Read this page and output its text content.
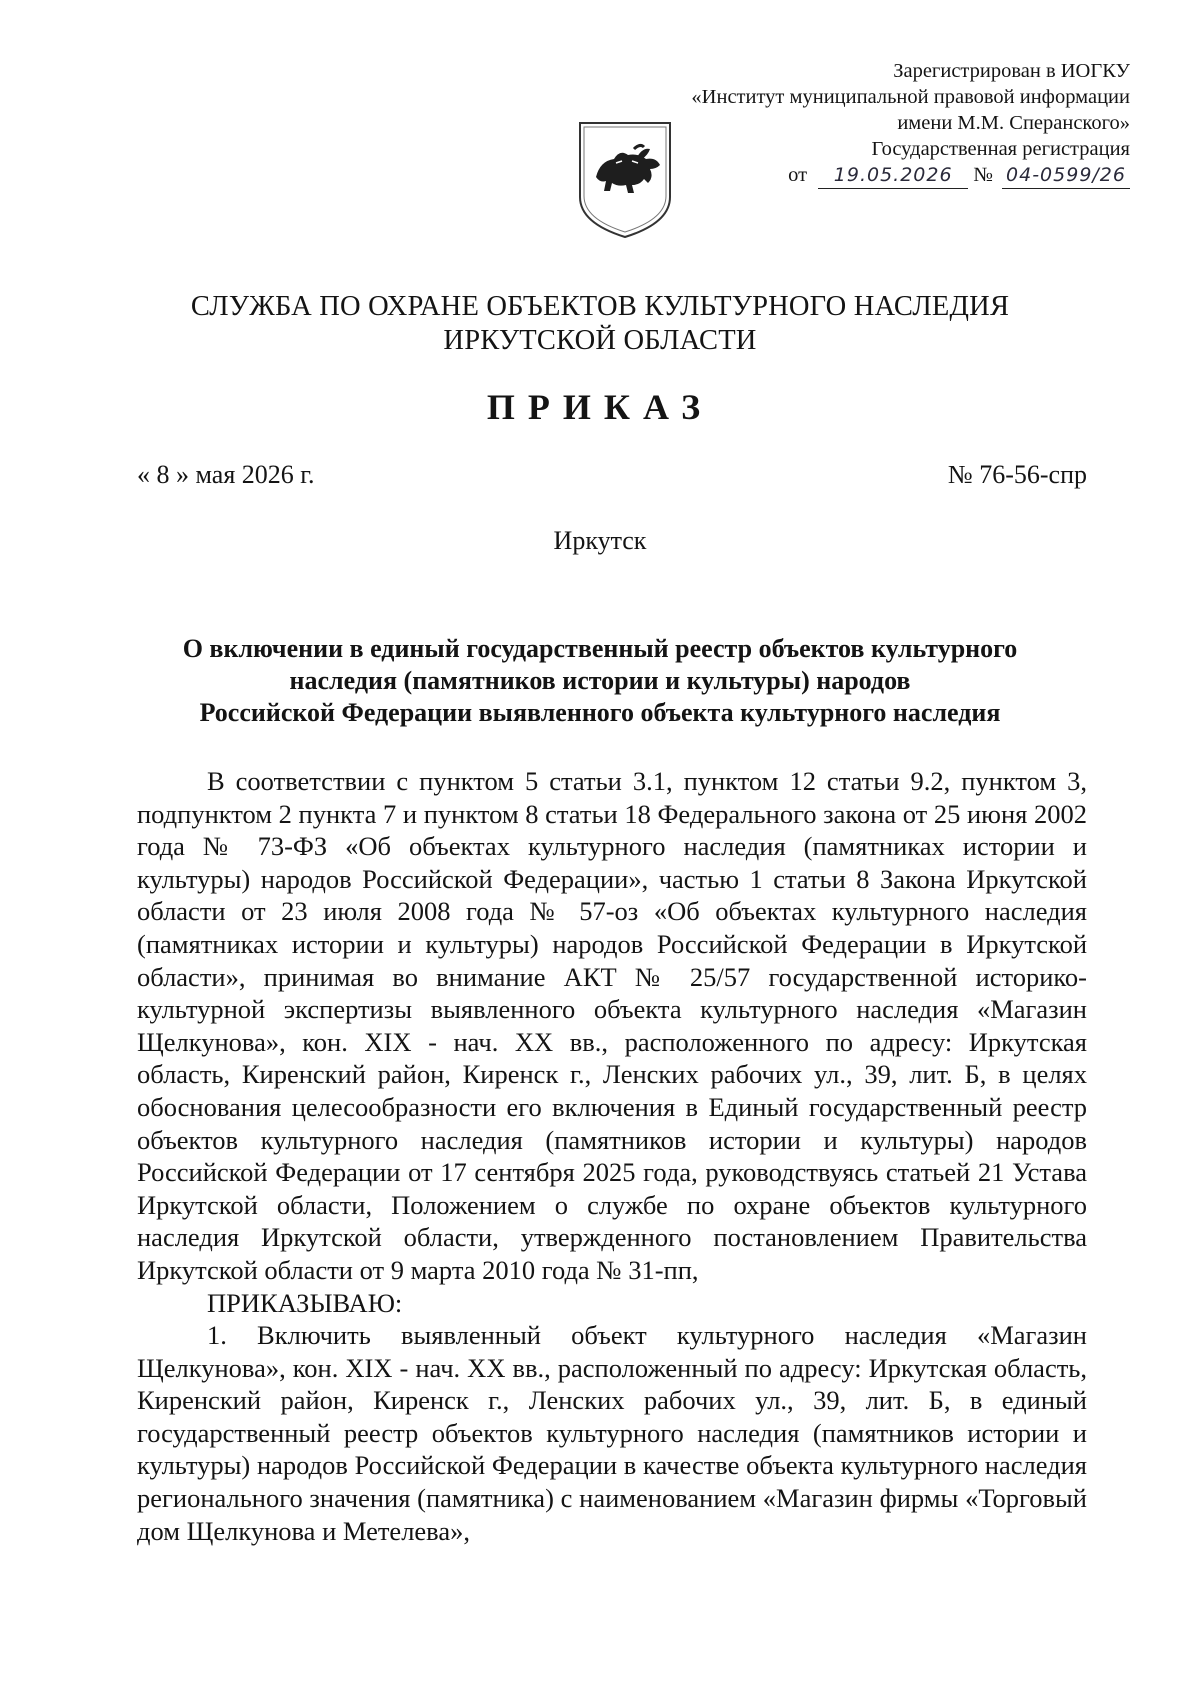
Зарегистрирован в ИОГКУ
«Институт муниципальной правовой информации
имени М.М. Сперанского»
Государственная регистрация
от 19.05.2026 № 04-0599/26
СЛУЖБА ПО ОХРАНЕ ОБЪЕКТОВ КУЛЬТУРНОГО НАСЛЕДИЯ
ИРКУТСКОЙ ОБЛАСТИ
ПРИКАЗ
« 8 » мая 2026 г.	№ 76-56-спр
Иркутск
О включении в единый государственный реестр объектов культурного
наследия (памятников истории и культуры) народов
Российской Федерации выявленного объекта культурного наследия

В соответствии с пунктом 5 статьи 3.1, пунктом 12 статьи 9.2, пунктом 3, подпунктом 2 пункта 7 и пунктом 8 статьи 18 Федерального закона от 25 июня 2002 года № 73-ФЗ «Об объектах культурного наследия (памятниках истории и культуры) народов Российской Федерации», частью 1 статьи 8 Закона Иркутской области от 23 июля 2008 года № 57-оз «Об объектах культурного наследия (памятниках истории и культуры) народов Российской Федерации в Иркутской области», принимая во внимание АКТ № 25/57 государственной историко-культурной экспертизы выявленного объекта культурного наследия «Магазин Щелкунова», кон. XIX - нач. XX вв., расположенного по адресу: Иркутская область, Киренский район, Киренск г., Ленских рабочих ул., 39, лит. Б, в целях обоснования целесообразности его включения в Единый государственный реестр объектов культурного наследия (памятников истории и культуры) народов Российской Федерации от 17 сентября 2025 года, руководствуясь статьей 21 Устава Иркутской области, Положением о службе по охране объектов культурного наследия Иркутской области, утвержденного постановлением Правительства Иркутской области от 9 марта 2010 года № 31-пп,

ПРИКАЗЫВАЮ:

1. Включить выявленный объект культурного наследия «Магазин Щелкунова», кон. XIX - нач. XX вв., расположенный по адресу: Иркутская область, Киренский район, Киренск г., Ленских рабочих ул., 39, лит. Б, в единый государственный реестр объектов культурного наследия (памятников истории и культуры) народов Российской Федерации в качестве объекта культурного наследия регионального значения (памятника) с наименованием «Магазин фирмы «Торговый дом Щелкунова и Метелева»,
